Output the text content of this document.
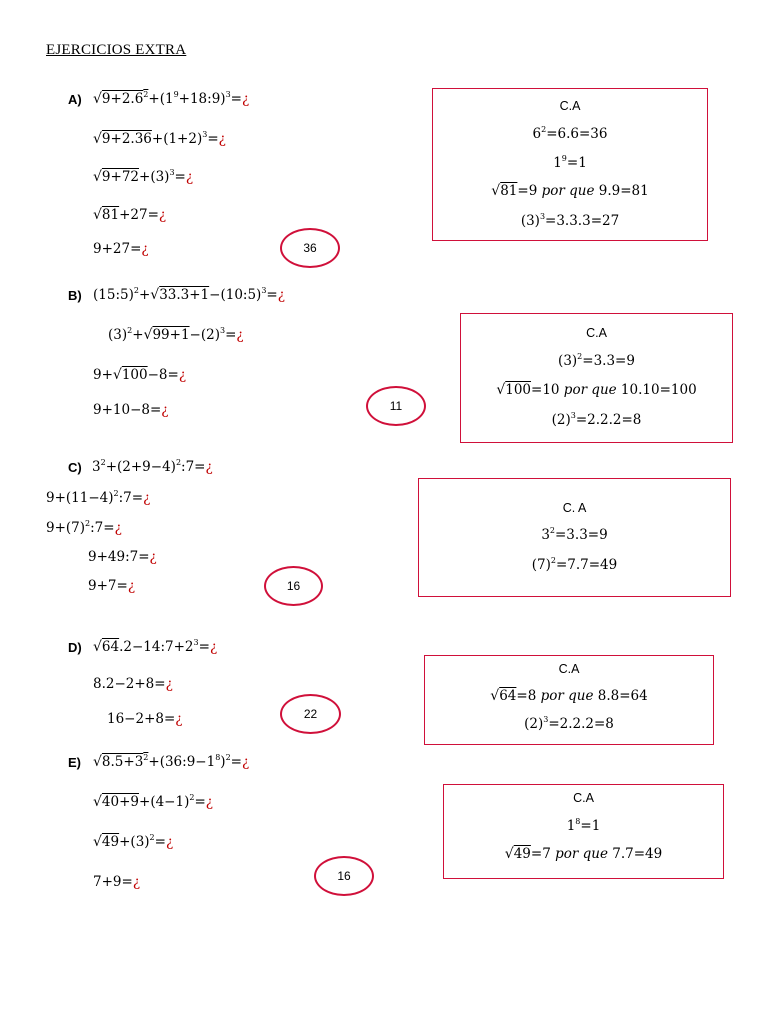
EJERCICIOS EXTRA
A) $√9+2.6^2+(1^9+18:9)^3=¿$
$√9+2.36+(1+2)^3=¿$
$√9+72+(3)^3=¿$
√81+27=¿
9+27=¿	36
C.A
$6^2=6.6=36$
$1^9=1$
√81=9 por que 9.9=81
$(3)^3=3.3.3=27$
B) (15:5)$^2$+√33.3+1−(10:5)$^3$=¿
$(3)^2+√99+1-(2)^3=¿$
9+√100−8=¿
9+10−8=¿	11
C.A
$(3)^2=3.3=9$
√100=10 por que 10.10=100
$(2)^3=2.2.2=8$
C) $3^2+(2+9-4)^2:7=¿$
$9+(11-4)^2:7=¿$
$9+(7)^2:7=¿$
9+49:7=¿
9+7=¿	16
C. A
$3^2=3.3=9$
$(7)^2=7.7=49$
D) $√64.2-14:7+2^3=¿$
8.2−2+8=¿
16−2+8=¿	22
C.A
√64=8 por que 8.8=64
$(2)^3=2.2.2=8$
E) $√8.5+3^2+(36:9-1^8)^2=¿$
$√40+9+(4-1)^2=¿$
$√49+(3)^2=¿$
7+9=¿	16
C.A
$1^8=1$
√49=7 por que 7.7=49
